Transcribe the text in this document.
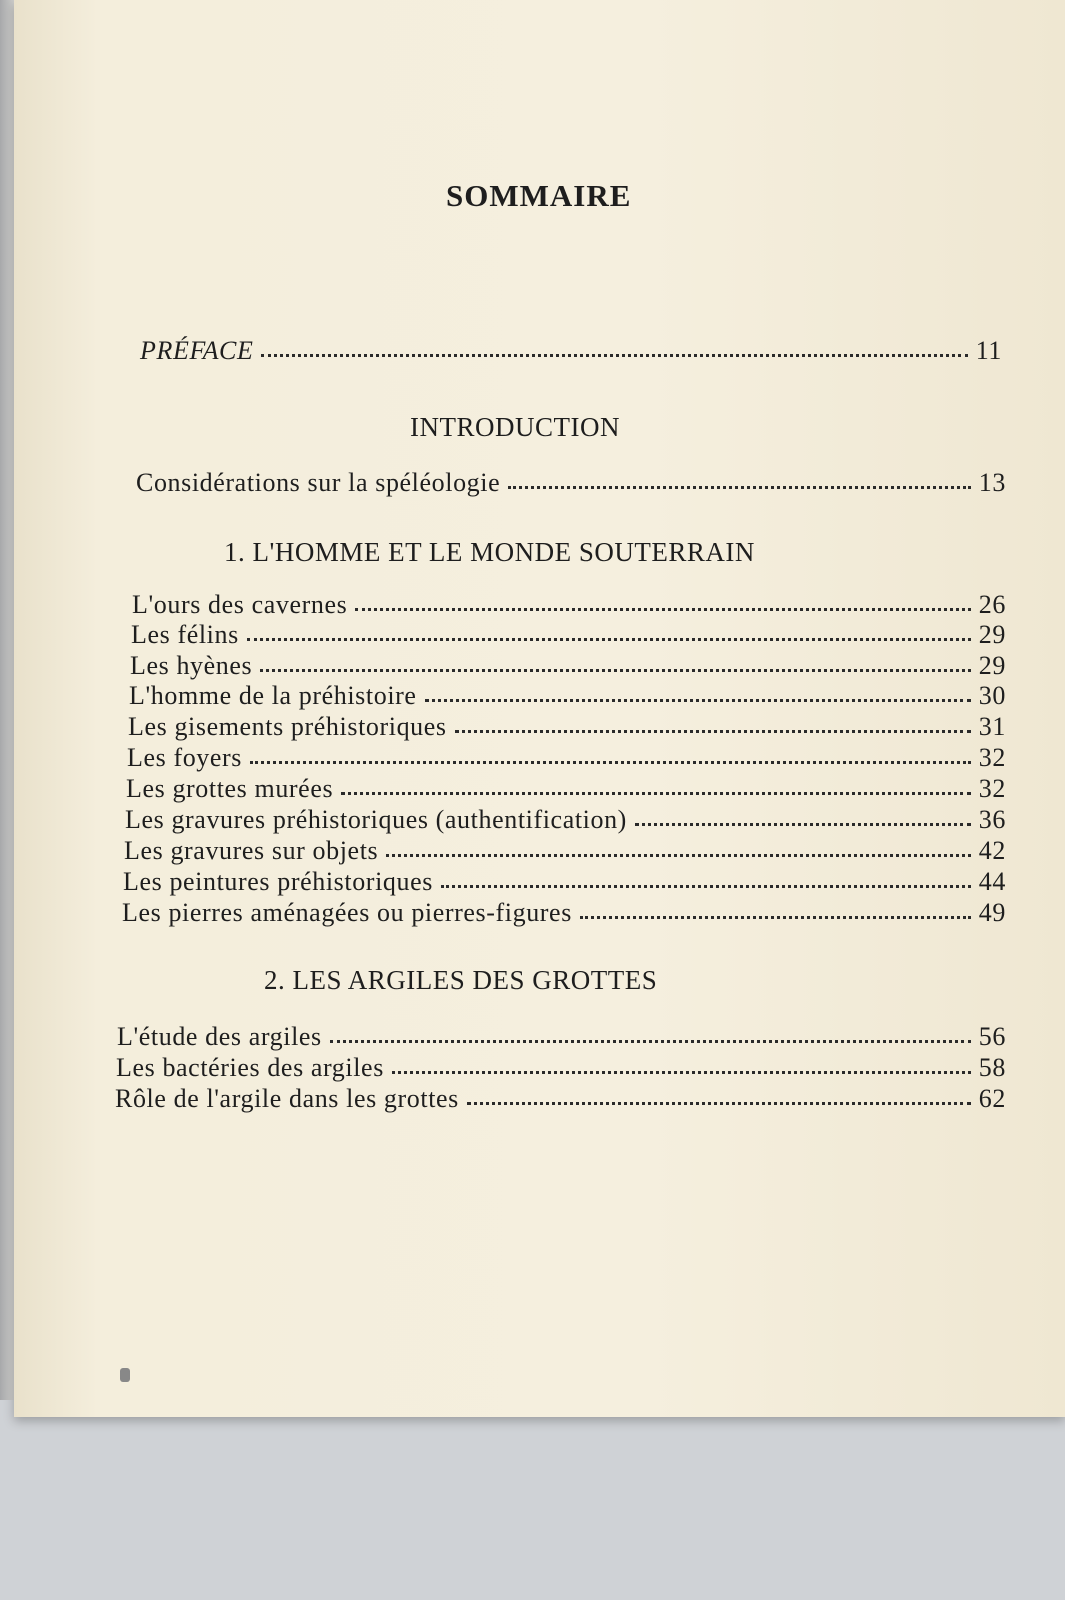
SOMMAIRE
PRÉFACE	11
INTRODUCTION
Considérations sur la spéléologie	13
1. L'HOMME ET LE MONDE SOUTERRAIN
L'ours des cavernes	26
Les félins	29
Les hyènes	29
L'homme de la préhistoire	30
Les gisements préhistoriques	31
Les foyers	32
Les grottes murées	32
Les gravures préhistoriques (authentification)	36
Les gravures sur objets	42
Les peintures préhistoriques	44
Les pierres aménagées ou pierres-figures	49
2. LES ARGILES DES GROTTES
L'étude des argiles	56
Les bactéries des argiles	58
Rôle de l'argile dans les grottes	62
